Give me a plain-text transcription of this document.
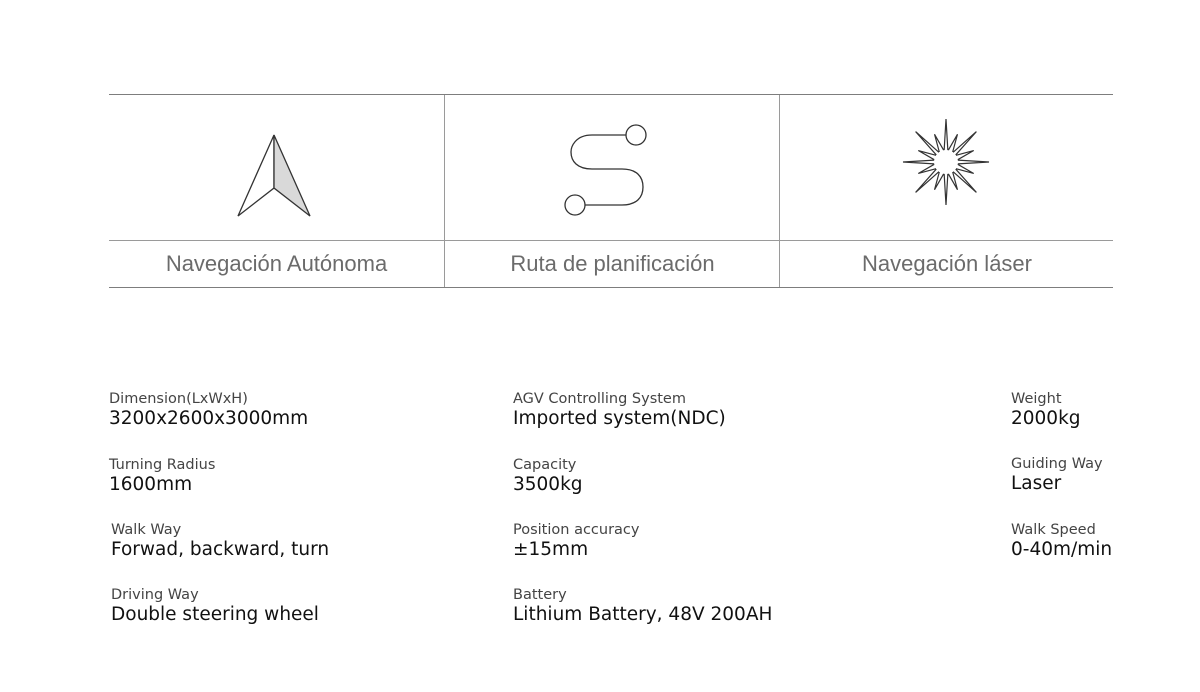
Navegación Autónoma	Ruta de planificación	Navegación láser
Dimension(LxWxH)
3200x2600x3000mm
Turning Radius
1600mm
Walk Way
Forwad, backward, turn
Driving Way
Double steering wheel
AGV Controlling System
Imported system(NDC)
Capacity
3500kg
Position accuracy
±15mm
Battery
Lithium Battery, 48V 200AH
Weight
2000kg
Guiding Way
Laser
Walk Speed
0-40m/min
